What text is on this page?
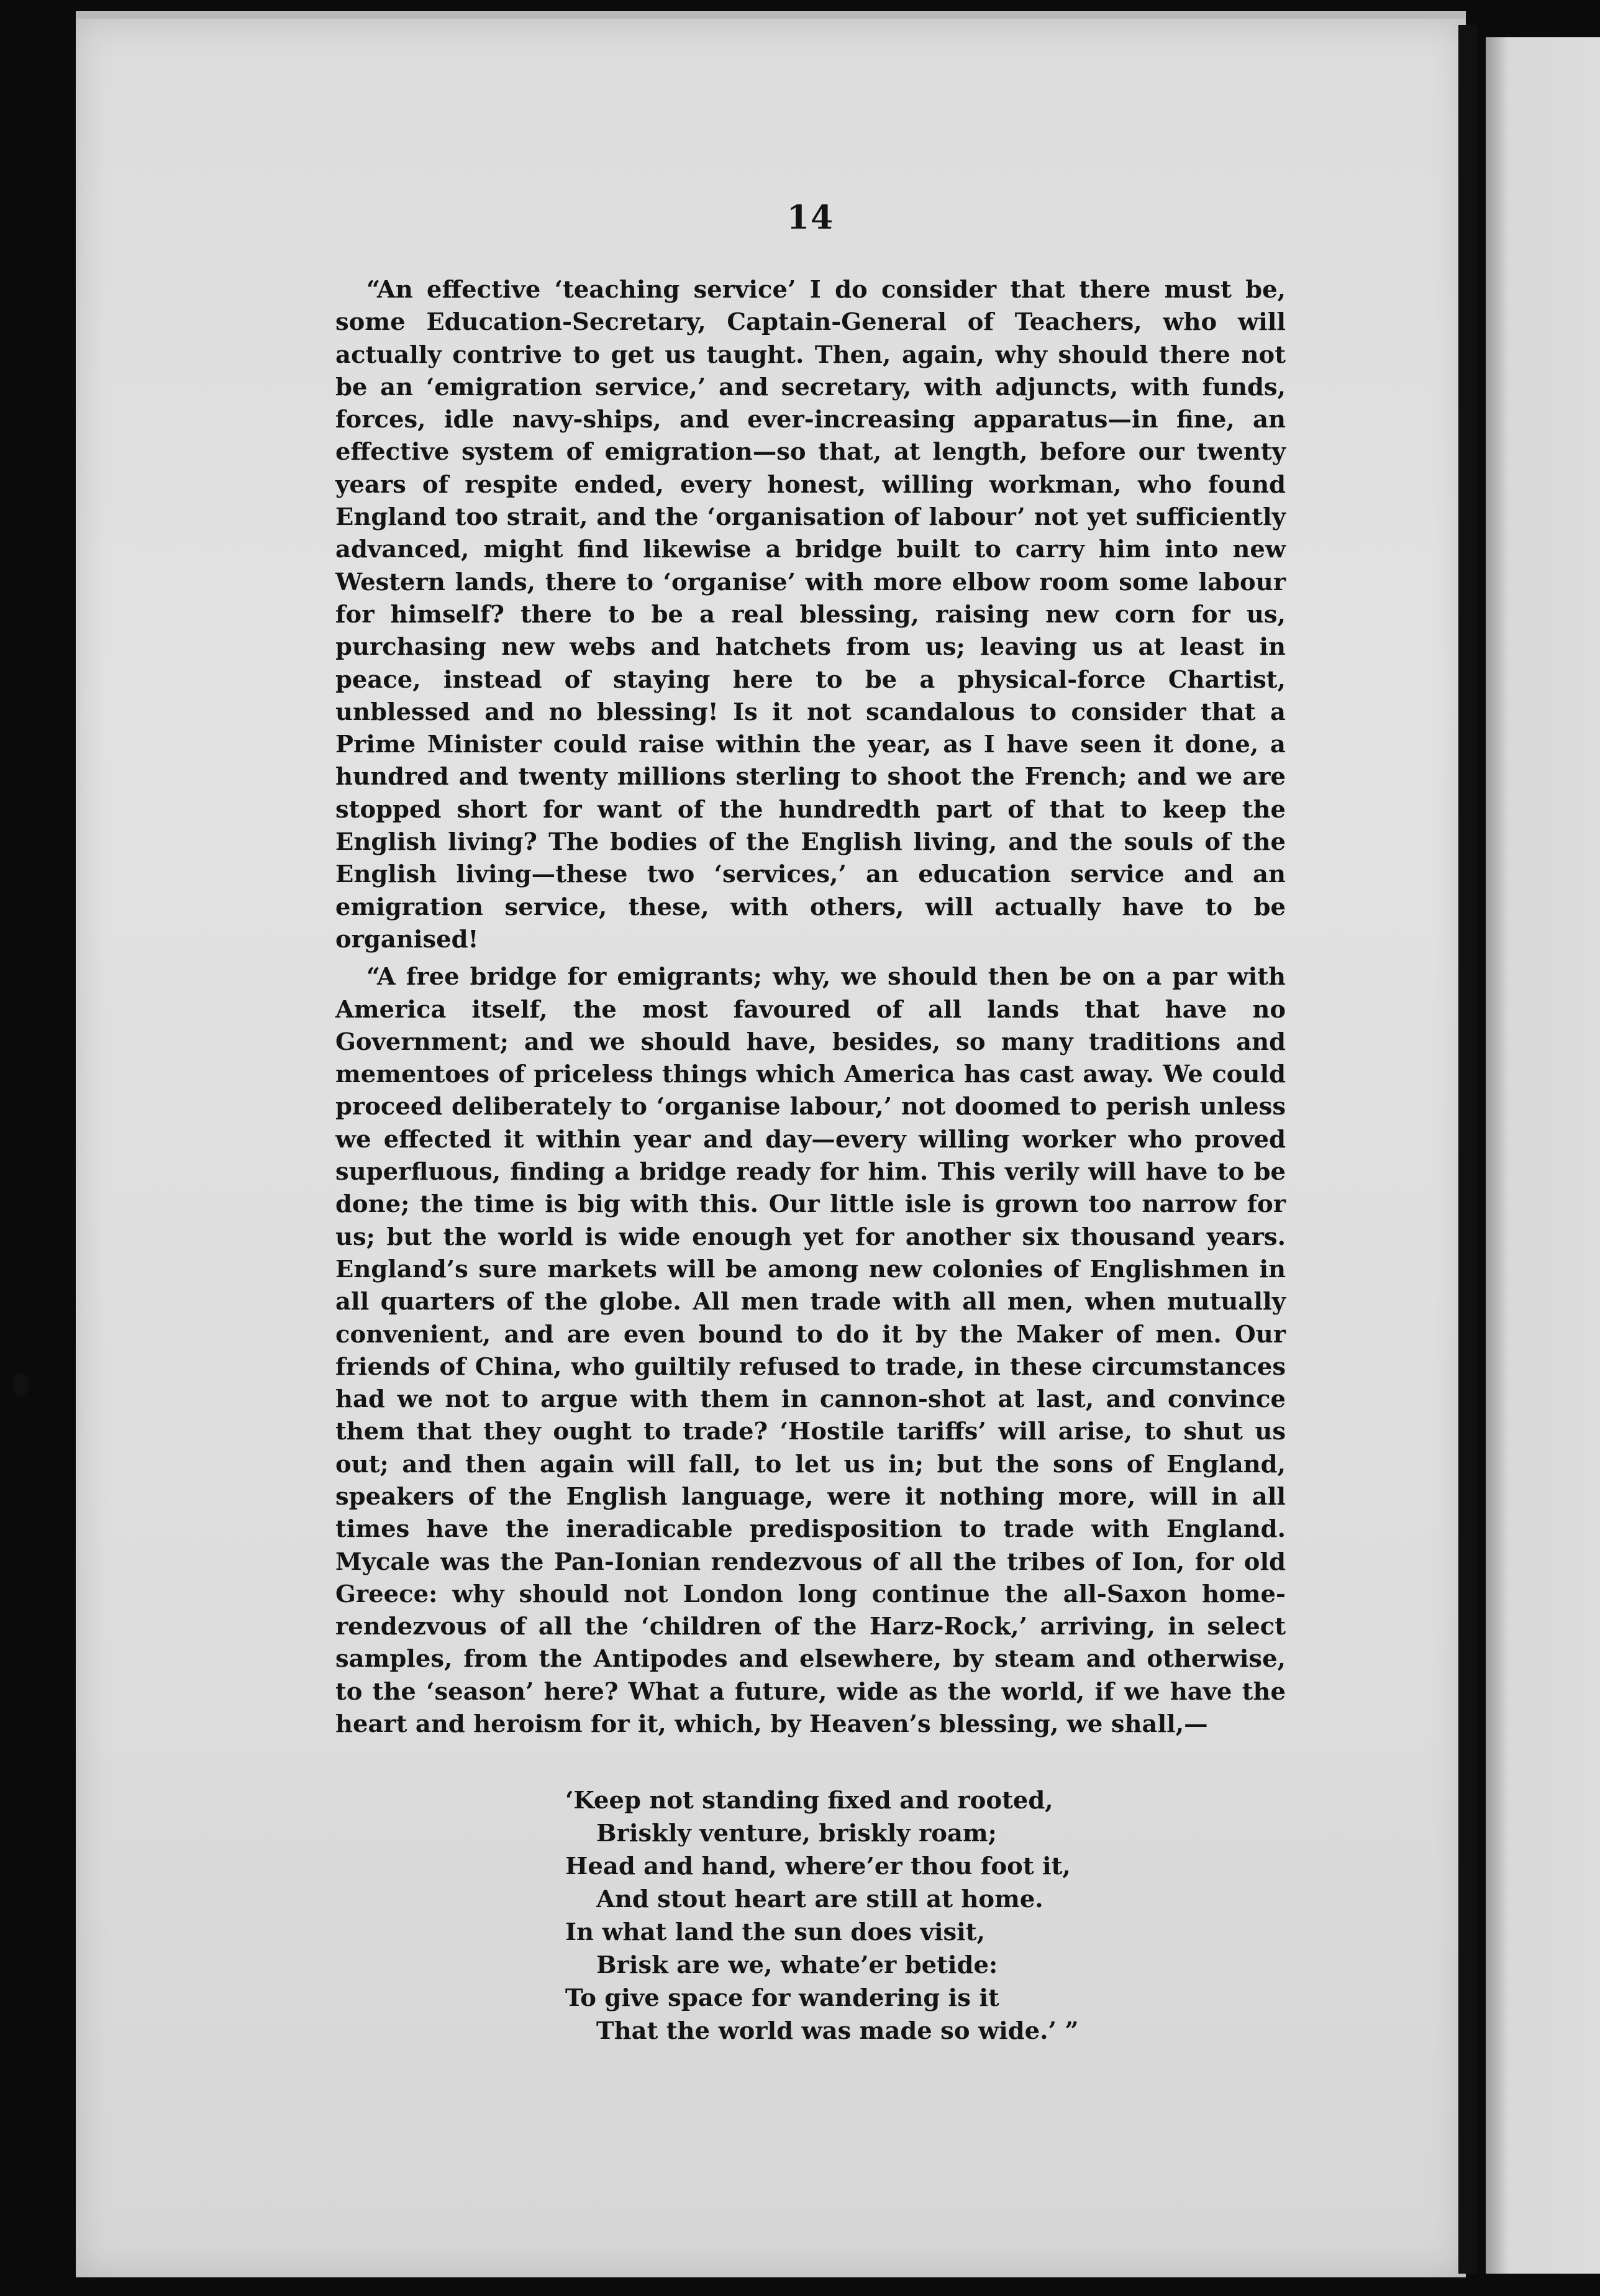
14

“An effective ‘teaching service’ I do consider that there must be, some Education-Secretary, Captain-General of Teachers, who will actually contrive to get us taught. Then, again, why should there not be an ‘emigration service,’ and secretary, with adjuncts, with funds, forces, idle navy-ships, and ever-increasing apparatus—in fine, an effective system of emigration—so that, at length, before our twenty years of respite ended, every honest, willing workman, who found England too strait, and the ‘organisation of labour’ not yet sufficiently advanced, might find likewise a bridge built to carry him into new Western lands, there to ‘organise’ with more elbow room some labour for himself? there to be a real blessing, raising new corn for us, purchasing new webs and hatchets from us; leaving us at least in peace, instead of staying here to be a physical-force Chartist, unblessed and no blessing! Is it not scandalous to consider that a Prime Minister could raise within the year, as I have seen it done, a hundred and twenty millions sterling to shoot the French; and we are stopped short for want of the hundredth part of that to keep the English living? The bodies of the English living, and the souls of the English living—these two ‘services,’ an education service and an emigration service, these, with others, will actually have to be organised!

“A free bridge for emigrants; why, we should then be on a par with America itself, the most favoured of all lands that have no Government; and we should have, besides, so many traditions and mementoes of priceless things which America has cast away. We could proceed deliberately to ‘organise labour,’ not doomed to perish unless we effected it within year and day—every willing worker who proved superfluous, finding a bridge ready for him. This verily will have to be done; the time is big with this. Our little isle is grown too narrow for us; but the world is wide enough yet for another six thousand years. England’s sure markets will be among new colonies of Englishmen in all quarters of the globe. All men trade with all men, when mutually convenient, and are even bound to do it by the Maker of men. Our friends of China, who guiltily refused to trade, in these circumstances had we not to argue with them in cannon-shot at last, and convince them that they ought to trade? ‘Hostile tariffs’ will arise, to shut us out; and then again will fall, to let us in; but the sons of England, speakers of the English language, were it nothing more, will in all times have the ineradicable predisposition to trade with England. Mycale was the Pan-Ionian rendezvous of all the tribes of Ion, for old Greece: why should not London long continue the all-Saxon home-rendezvous of all the ‘children of the Harz-Rock,’ arriving, in select samples, from the Antipodes and elsewhere, by steam and otherwise, to the ‘season’ here? What a future, wide as the world, if we have the heart and heroism for it, which, by Heaven’s blessing, we shall,—

‘Keep not standing fixed and rooted,
Briskly venture, briskly roam;
Head and hand, where’er thou foot it,
And stout heart are still at home.
In what land the sun does visit,
Brisk are we, whate’er betide:
To give space for wandering is it
That the world was made so wide.’ ”
